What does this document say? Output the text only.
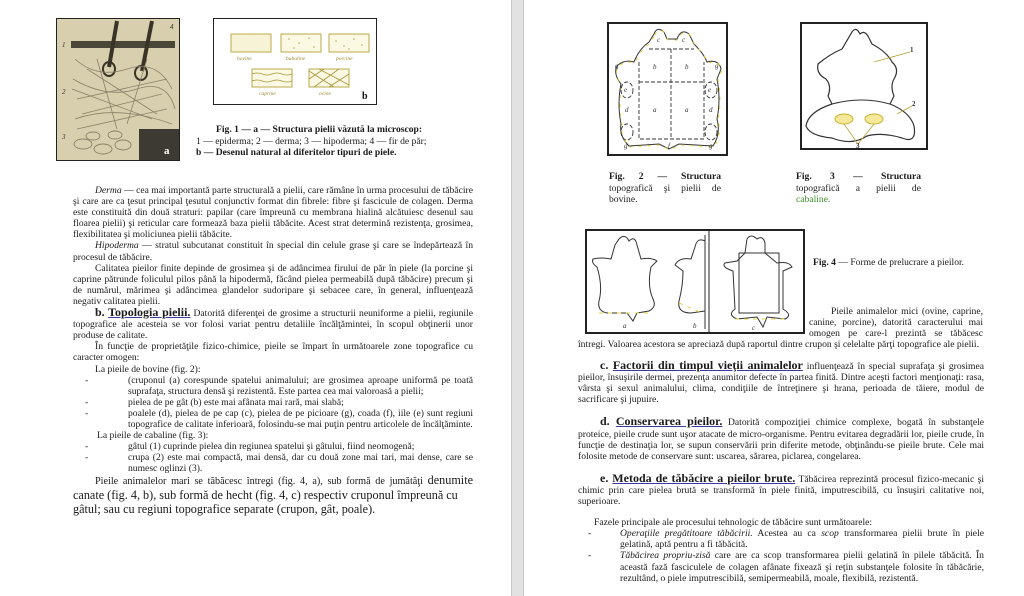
1
2
3
4
a
bovine	bubaline	porcine
caprine	ovine	b
Fig. 1 — a — Structura pielii văzută la microscop:
1 — epiderma; 2 — derma; 3 — hipoderma; 4 — fir de păr;
b — Desenul natural al diferitelor tipuri de piele.

Derma — cea mai importantă parte structurală a pielii, care rămâne în urma procesului de tăbăcire şi care are ca ţesut principal ţesutul conjunctiv format din fibrele: fibre şi fascicule de colagen. Derma este constituită din două straturi: papilar (care împreună cu membrana hialină alcătuiesc desenul sau floarea pielii) şi reticular care formează baza pielii tăbăcite. Acest strat determină rezistenţa, grosimea, flexibilitatea şi moliciunea pielii tăbăcite.

Hipoderma — stratul subcutanat constituit în special din celule grase şi care se îndepărtează în procesul de tăbăcire.

Calitatea pieilor finite depinde de grosimea şi de adâncimea firului de păr în piele (la porcine şi caprine pătrunde foliculul pilos până la hipodermă, făcând pielea permeabilă după tăbăcire) precum şi de numărul, mărimea şi adâncimea glandelor sudoripare şi sebacee care, în general, influenţează negativ calitatea pielii.

b. Topologia pielii. Datorită diferenţei de grosime a structurii neuniforme a pielii, regiunile topografice ale acesteia se vor folosi variat pentru detaliile încălţămintei, în scopul obţinerii unor produse de calitate.

În funcţie de proprietăţile fizico-chimice, pieile se împart în următoarele zone topografice cu caracter omogen:

La pieile de bovine (fig. 2):

-	(cruponul (a) corespunde spatelui animalului; are grosimea aproape uniformă pe toată suprafaţa, structura densă şi rezistentă. Este partea cea mai valoroasă a pielii;
-	pielea de pe gât (b) este mai afânata mai rară, mai slabă;
-	poalele (d), pielea de pe cap (c), pielea de pe picioare (g), coada (f), iile (e) sunt regiuni topografice de calitate inferioară, folosindu-se mai puţin pentru articolele de încălţăminte.

La pieile de cabaline (fig. 3):

-	gâtul (1) cuprinde pielea din regiunea spatelui şi gâtului, fiind neomogenă;
-	crupa (2) este mai compactă, mai densă, dar cu două zone mai tari, mai dense, care se numesc oglinzi (3).

Pieile animalelor mari se tăbăcesc întregi (fig. 4, a), sub formă de jumătăţi denumite canate (fig. 4, b), sub formă de hecht (fig. 4, c) respectiv cruponul împreună cu
gâtul; sau cu regiuni topografice separate (crupon, gât, poale).

c	c
b	b
a	a
d	d
e	e
g	g
g	g
f
1
2
3
Fig. 2 — Structura
topografică şi pielii de
bovine.
Fig. 3 — Structura
topografică a pielii de
cabaline.
a	b	c
Fig. 4 — Forme de prelucrare a pieilor.

Pieile animalelor mici (ovine, caprine, canine, porcine), datorită caracterului mai omogen pe care-l prezintă se tăbăcesc

întregi. Valoarea acestora se apreciază după raportul dintre crupon şi celelalte părţi topografice ale pielii.

c. Factorii din timpul vieţii animalelor influenţează în special suprafaţa şi grosimea pieilor, însuşirile dermei, prezenţa anumitor defecte în partea finită. Dintre aceşti factori menţionaţi: rasa, vârsta şi sexul animalului, clima, condiţiile de întreţinere şi hrana, perioada de tăiere, modul de sacrificare şi jupuire.

d. Conservarea pieilor. Datorită compoziţiei chimice complexe, bogată în substanţele proteice, pieile crude sunt uşor atacate de micro-organisme. Pentru evitarea degradării lor, pieile crude, în funcţie de destinaţia lor, se supun conservării prin diferite metode, obţinându-se pieile brute. Cele mai folosite metode de conservare sunt: uscarea, sărarea, piclarea, congelarea.

e. Metoda de tăbăcire a pieilor brute. Tăbăcirea reprezintă procesul fizico-mecanic şi chimic prin care pielea brută se transformă în piele finită, imputrescibilă, cu însuşiri calitative noi, superioare.

Fazele principale ale procesului tehnologic de tăbăcire sunt următoarele:

-	Operaţiile pregătitoare tăbăcirii. Acestea au ca scop transformarea pielii brute în piele gelatină, aptă pentru a fi tăbăcită.
-	Tăbăcirea propriu-zisă care are ca scop transformarea pielii gelatină în pilele tăbăcită. În această fază fasciculele de colagen afânate fixează şi reţin substanţele folosite în tăbăcărie, rezultând, o piele imputrescibilă, semipermeabilă, moale, flexibilă, rezistentă.
